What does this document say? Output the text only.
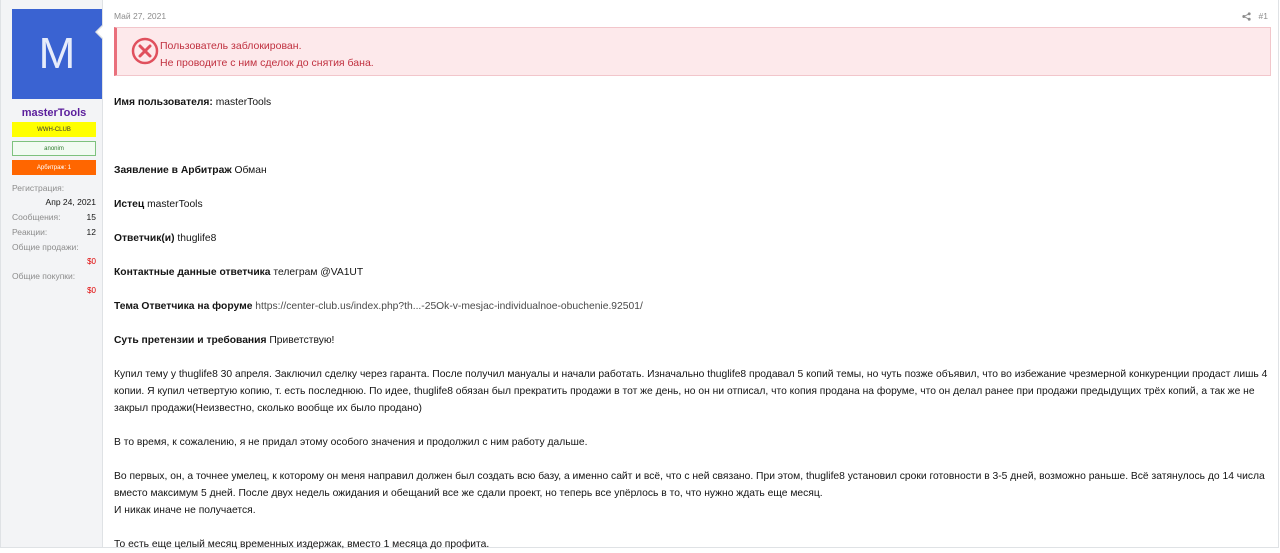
M
masterTools
WWH-CLUB
anonim
Арбитраж: 1
Регистрация:
Апр 24, 2021
Сообщения:	15
Реакции:	12
Общие продажи:
$0
Общие покупки:
$0
Май 27, 2021	#1
Пользователь заблокирован.
Не проводите с ним сделок до снятия бана.

Имя пользователя: masterTools

Заявление в Арбитраж Обман

Истец masterTools

Ответчик(и) thuglife8

Контактные данные ответчика телеграм @VA1UT

Тема Ответчика на форуме https://center-club.us/index.php?th...-25Ok-v-mesjac-individualnoe-obuchenie.92501/

Суть претензии и требования Приветствую!

Купил тему у thuglife8 30 апреля. Заключил сделку через гаранта. После получил мануалы и начали работать. Изначально thuglife8 продавал 5 копий темы, но чуть позже объявил, что во избежание чрезмерной конкуренции продаст лишь 4 копии. Я купил четвертую копию, т. есть последнюю. По идее, thuglife8 обязан был прекратить продажи в тот же день, но он ни отписал, что копия продана на форуме, что он делал ранее при продажи предыдущих трёх копий, а так же не закрыл продажи(Неизвестно, сколько вообще их было продано)

В то время, к сожалению, я не придал этому особого значения и продолжил с ним работу дальше.

Во первых, он, а точнее умелец, к которому он меня направил должен был создать всю базу, а именно сайт и всё, что с ней связано. При этом, thuglife8 установил сроки готовности в 3-5 дней, возможно раньше. Всё затянулось до 14 числа вместо максимум 5 дней. После двух недель ожидания и обещаний все же сдали проект, но теперь все упёрлось в то, что нужно ждать еще месяц.

И никак иначе не получается.

То есть еще целый месяц временных издержак, вместо 1 месяца до профита.
